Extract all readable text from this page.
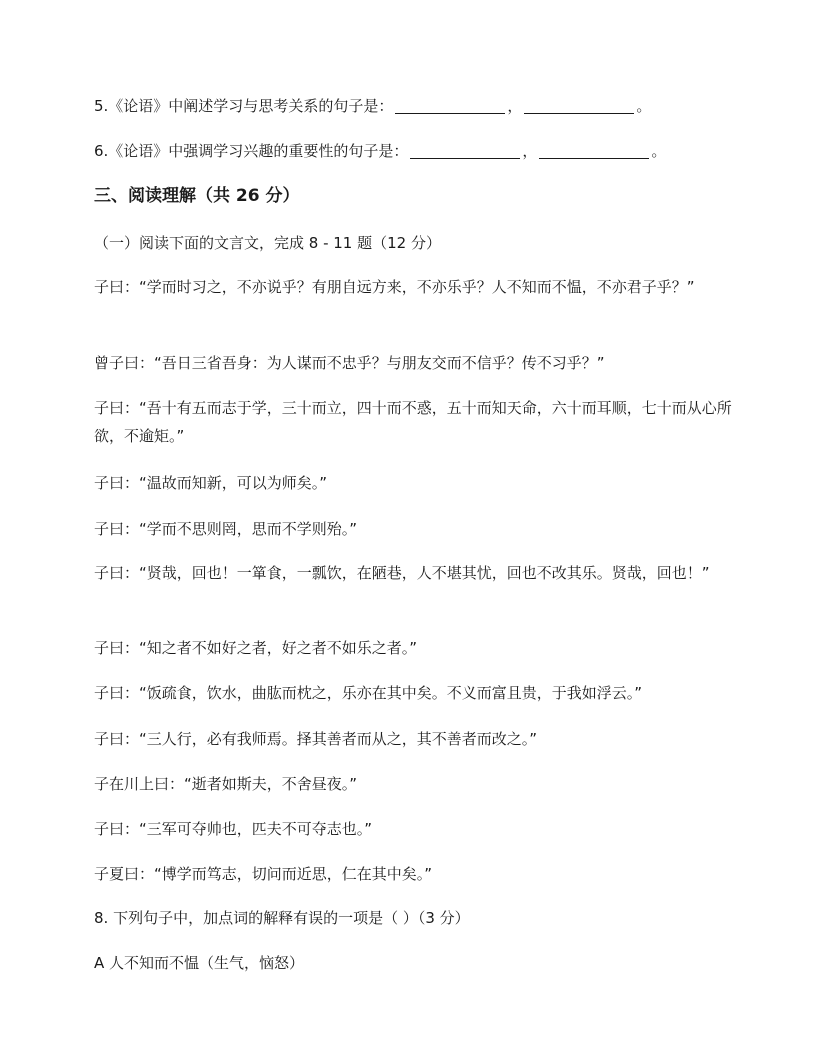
5.《论语》中阐述学习与思考关系的句子是：	，	。
6.《论语》中强调学习兴趣的重要性的句子是：	，	。
三、阅读理解（共 26 分）
（一）阅读下面的文言文，完成 8 - 11 题（12 分）
子曰：“学而时习之，不亦说乎？有朋自远方来，不亦乐乎？人不知而不愠，不亦君子乎？”
曾子曰：“吾日三省吾身：为人谋而不忠乎？与朋友交而不信乎？传不习乎？”
子曰：“吾十有五而志于学，三十而立，四十而不惑，五十而知天命，六十而耳顺，七十而从心所欲，不逾矩。”
子曰：“温故而知新，可以为师矣。”
子曰：“学而不思则罔，思而不学则殆。”
子曰：“贤哉，回也！一箪食，一瓢饮，在陋巷，人不堪其忧，回也不改其乐。贤哉，回也！”
子曰：“知之者不如好之者，好之者不如乐之者。”
子曰：“饭疏食，饮水，曲肱而枕之，乐亦在其中矣。不义而富且贵，于我如浮云。”
子曰：“三人行，必有我师焉。择其善者而从之，其不善者而改之。”
子在川上曰：“逝者如斯夫，不舍昼夜。”
子曰：“三军可夺帅也，匹夫不可夺志也。”
子夏曰：“博学而笃志，切问而近思，仁在其中矣。”
8. 下列句子中，加点词的解释有误的一项是（ ）（3 分）
A 人不知而不愠（生气，恼怒）
